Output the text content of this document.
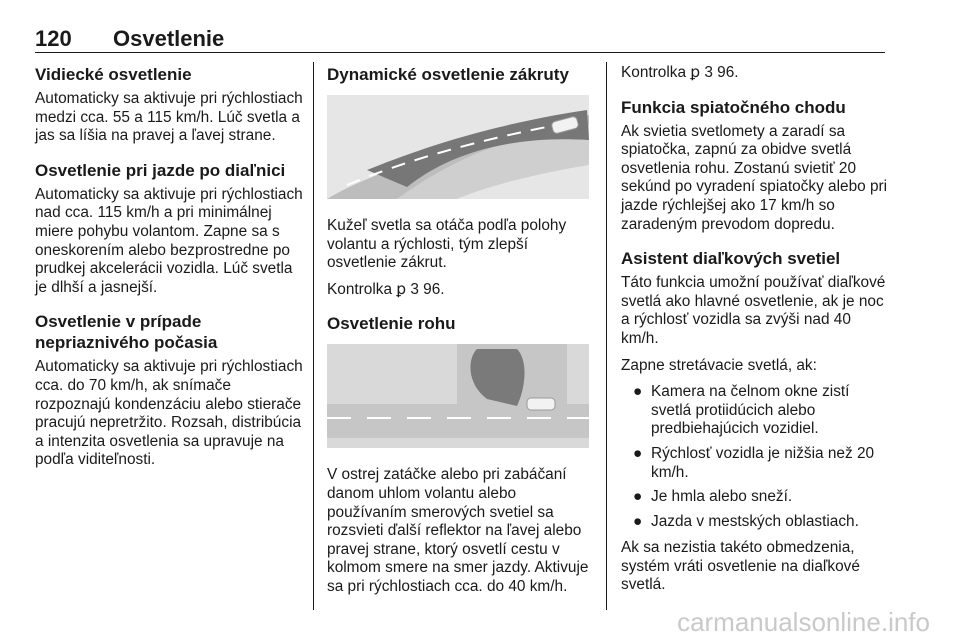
120 Osvetlenie
Vidiecké osvetlenie

Automaticky sa aktivuje pri rýchlostiach medzi cca. 55 a 115 km/h. Lúč svetla a jas sa líšia na pravej a ľavej strane.

Osvetlenie pri jazde po diaľnici

Automaticky sa aktivuje pri rýchlostiach nad cca. 115 km/h a pri minimálnej miere pohybu volantom. Zapne sa s oneskorením alebo bezprostredne po prudkej akcelerácii vozidla. Lúč svetla je dlhší a jasnejší.

Osvetlenie v prípade nepriaznivého počasia

Automaticky sa aktivuje pri rýchlostiach cca. do 70 km/h, ak snímače rozpoznajú kondenzáciu alebo stierače pracujú nepretržito. Rozsah, distribúcia a intenzita osvetlenia sa upravuje na podľa viditeľnosti.

Dynamické osvetlenie zákruty

Kužeľ svetla sa otáča podľa polohy volantu a rýchlosti, tým zlepší osvetlenie zákrut.

Kontrolka ꝑ 3 96.

Osvetlenie rohu

V ostrej zatáčke alebo pri zabáčaní danom uhlom volantu alebo používaním smerových svetiel sa rozsvieti ďalší reflektor na ľavej alebo pravej strane, ktorý osvetlí cestu v kolmom smere na smer jazdy. Aktivuje sa pri rýchlostiach cca. do 40 km/h.

Kontrolka ꝑ 3 96.

Funkcia spiatočného chodu

Ak svietia svetlomety a zaradí sa spiatočka, zapnú za obidve svetlá osvetlenia rohu. Zostanú svietiť 20 sekúnd po vyradení spiatočky alebo pri jazde rýchlejšej ako 17 km/h so zaradeným prevodom dopredu.

Asistent diaľkových svetiel

Táto funkcia umožní používať diaľkové svetlá ako hlavné osvetlenie, ak je noc a rýchlosť vozidla sa zvýši nad 40 km/h.

Zapne stretávacie svetlá, ak:

● Kamera na čelnom okne zistí svetlá protiidúcich alebo predbiehajúcich vozidiel.
● Rýchlosť vozidla je nižšia než 20 km/h.
● Je hmla alebo sneží.
● Jazda v mestských oblastiach.

Ak sa nezistia takéto obmedzenia, systém vráti osvetlenie na diaľkové svetlá.

carmanualsonline.info
